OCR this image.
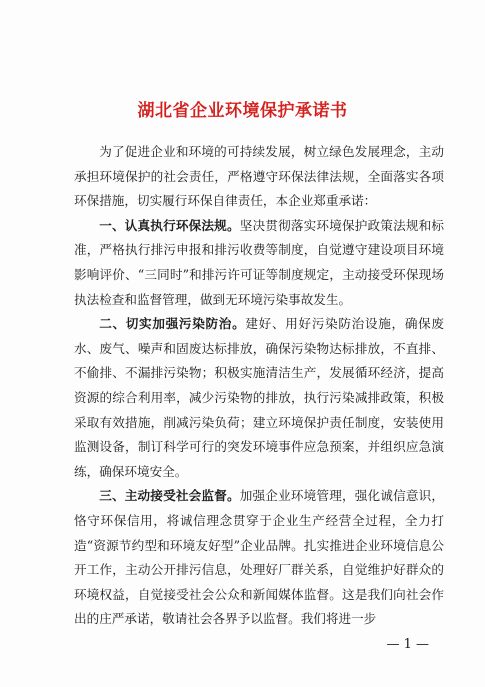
湖北省企业环境保护承诺书

为了促进企业和环境的可持续发展，树立绿色发展理念，主动承担环境保护的社会责任，严格遵守环保法律法规，全面落实各项环保措施，切实履行环保自律责任，本企业郑重承诺：

一、认真执行环保法规。坚决贯彻落实环境保护政策法规和标准，严格执行排污申报和排污收费等制度，自觉遵守建设项目环境影响评价、“三同时”和排污许可证等制度规定，主动接受环保现场执法检查和监督管理，做到无环境污染事故发生。

二、切实加强污染防治。建好、用好污染防治设施，确保废水、废气、噪声和固废达标排放，确保污染物达标排放，不直排、不偷排、不漏排污染物；积极实施清洁生产，发展循环经济，提高资源的综合利用率，减少污染物的排放，执行污染减排政策，积极采取有效措施，削减污染负荷；建立环境保护责任制度，安装使用监测设备，制订科学可行的突发环境事件应急预案，并组织应急演练，确保环境安全。

三、主动接受社会监督。加强企业环境管理，强化诚信意识，恪守环保信用，将诚信理念贯穿于企业生产经营全过程，全力打造“资源节约型和环境友好型”企业品牌。扎实推进企业环境信息公开工作，主动公开排污信息，处理好厂群关系，自觉维护好群众的环境权益，自觉接受社会公众和新闻媒体监督。这是我们向社会作出的庄严承诺，敬请社会各界予以监督。我们将进一步

— 1 —
